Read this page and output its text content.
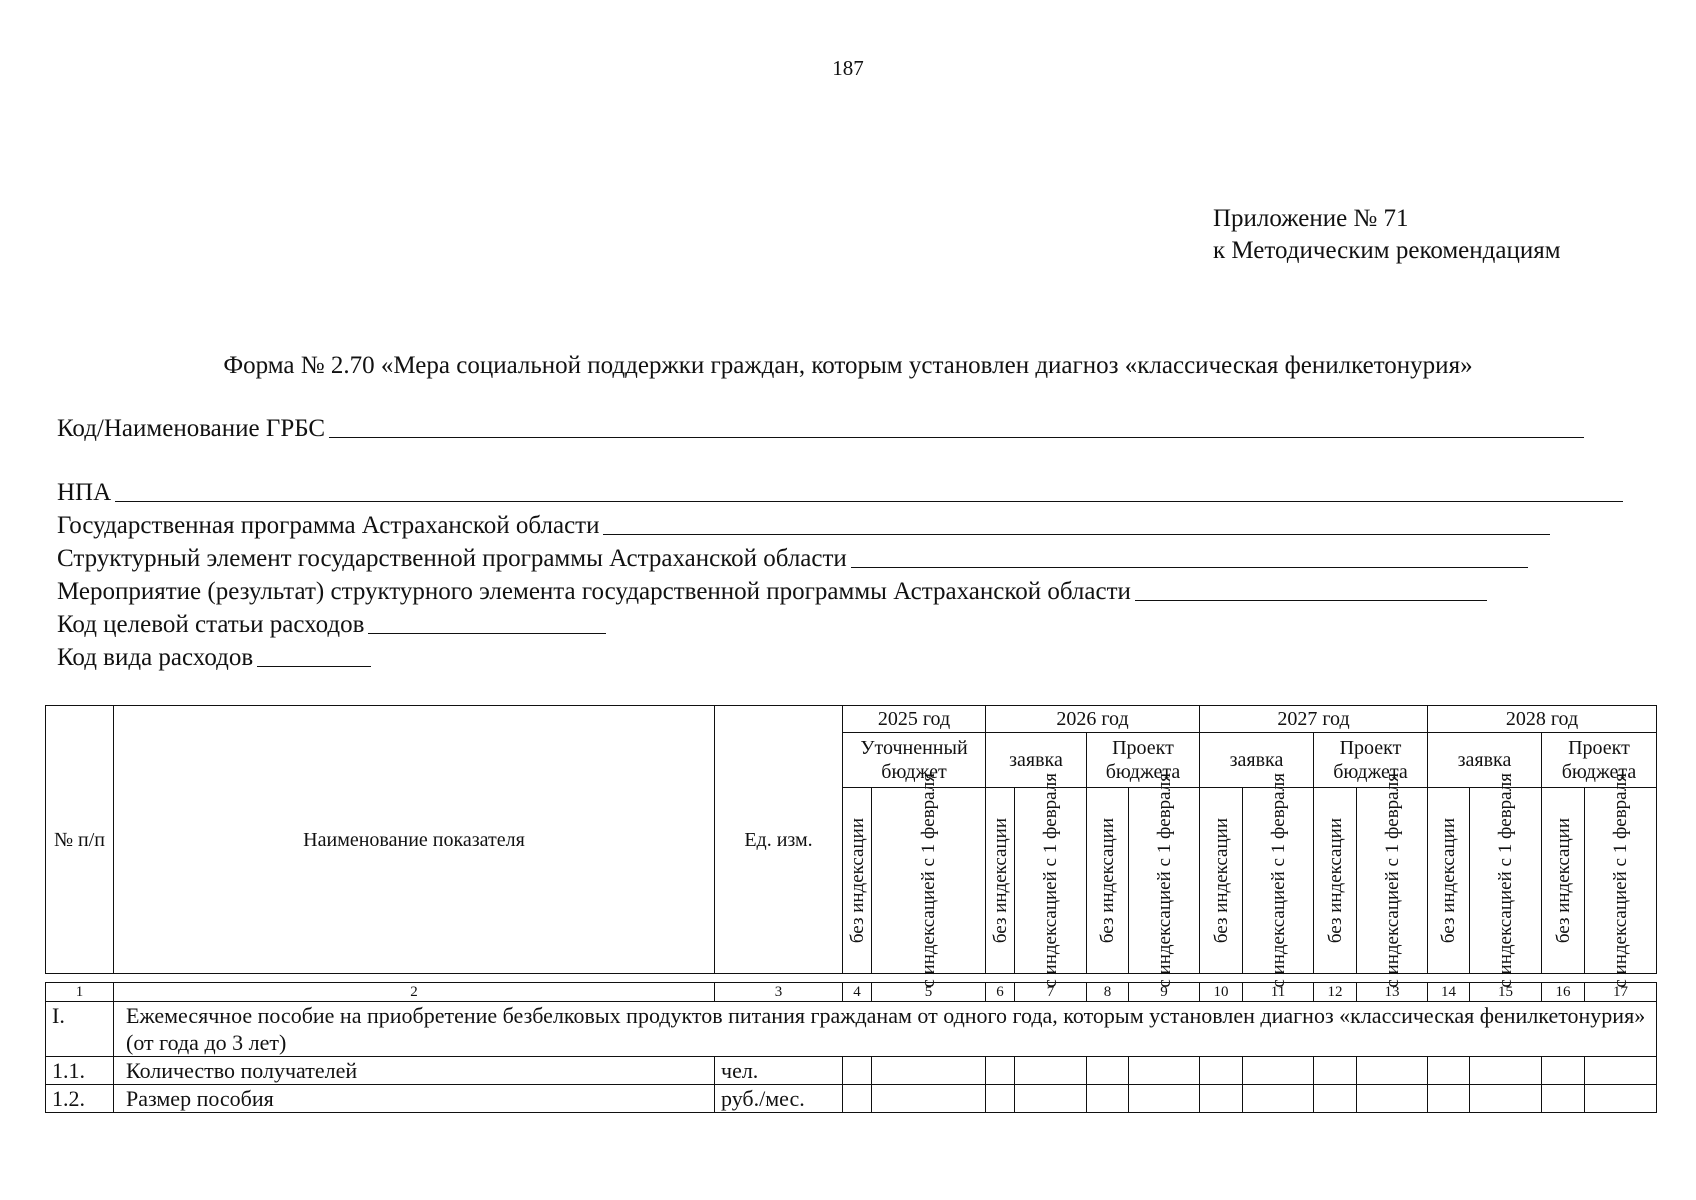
187
Приложение № 71
к Методическим рекомендациям
Форма № 2.70 «Мера социальной поддержки граждан, которым установлен диагноз «классическая фенилкетонурия»
Код/Наименование ГРБС
НПА
Государственная программа Астраханской области
Структурный элемент государственной программы Астраханской области
Мероприятие (результат) структурного элемента государственной программы Астраханской области
Код целевой статьи расходов
Код вида расходов
№ п/п	Наименование показателя	Ед. изм.	2025 год		2026 год				2027 год				2028 год			
			Уточненный бюджет		заявка		Проект бюджета		заявка		Проект бюджета		заявка		Проект бюджета	

			без индексации	с индексацией с 1 февраля	без индексации	с индексацией с 1 февраля	без индексации	с индексацией с 1 февраля	без индексации	с индексацией с 1 февраля	без индексации	с индексацией с 1 февраля	без индексации	с индексацией с 1 февраля	без индексации	с индексацией с 1 февраля
1	2	3	4	5	6	7	8	9	10	11	12	13	14	15	16	17
I.	Ежемесячное пособие на приобретение безбелковых продуктов питания гражданам от одного года, которым установлен диагноз «классическая фенилкетонурия» (от года до 3 лет)															
1.1.	Количество получателей	чел.														
1.2.	Размер пособия	руб./мес.														
